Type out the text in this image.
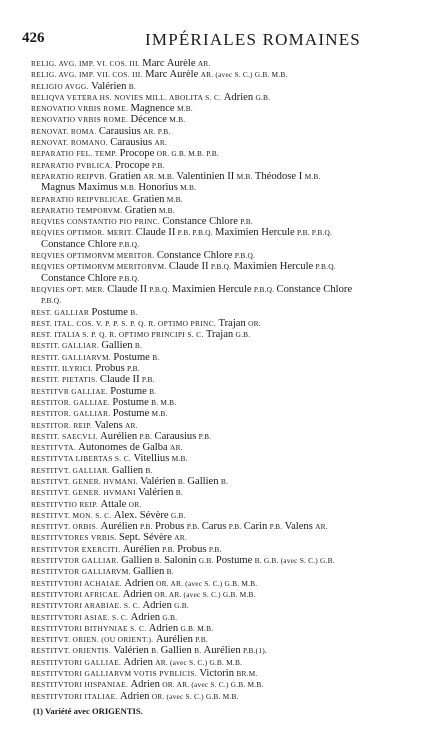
426	IMPÉRIALES ROMAINES
RELIG. AVG. IMP. VI. COS. III. Marc Aurèle AR.
RELIG. AVG. IMP. VII. COS. III. Marc Aurèle AR. (avec S. C.) G.B. M.B.
RELIGIO AVGG. Valérien B.
RELIQVA VETERA HS. NOVIES MILL. ABOLITA S. C. Adrien G.B.
RENOVATIO VRBIS ROME. Magnence M.B.
RENOVATIO VRBIS ROME. Décence M.B.
RENOVAT. ROMA. Carausius AR. P.B.
RENOVAT. ROMANO. Carausius AR.
REPARATIO FEL. TEMP. Procope OR. G.B. M.B. P.B.
REPARATIO PVBLICA. Procope P.B.
REPARATIO REIPVB. Gratien AR. M.B. Valentinien II M.B. Théodose I M.B.
Magnus Maximus M.B. Honorius M.B.
REPARATIO REIPVBLICAE. Gratien M.B.
REPARATIO TEMPORVM. Gratien M.B.
REQVIES CONSTANTIO PIO PRINC. Constance Chlore P.B.
REQVIES OPTIMOR. MERIT. Claude II P.B. P.B.Q. Maximien Hercule P.B. P.B.Q.
Constance Chlore P.B.Q.
REQVIES OPTIMORVM MERITOR. Constance Chlore P.B.Q.
REQVIES OPTIMORVM MERITORVM. Claude II P.B.Q. Maximien Hercule P.B.Q.
Constance Chlore P.B.Q.
REQVIES OPT. MER. Claude II P.B.Q. Maximien Hercule P.B.Q. Constance Chlore
P.B.Q.
REST. GALLIAR Postume B.
REST. ITAL. COS. V. P. P. S. P. Q. R. OPTIMO PRINC. Trajan OR.
REST. ITALIA S. P. Q. R. OPTIMO PRINCIPI S. C. Trajan G.B.
RESTIT. GALLIAR. Gallien B.
RESTIT. GALLIARVM. Postume B.
RESTIT. ILYRICI. Probus P.B.
RESTIT. PIETATIS. Claude II P.B.
RESTITVR GALLIAE. Postume B.
RESTITOR. GALLIAE. Postume B. M.B.
RESTITOR. GALLIAR. Postume M.B.
RESTITOR. REIP. Valens AR.
RESTIT. SAECVLI. Aurélien P.B. Carausius P.B.
RESTITVTA. Autonomes de Galba AR.
RESTITVTA LIBERTAS S. C. Vitellius M.B.
RESTITVT. GALLIAR. Gallien B.
RESTITVT. GENER. HVMANI. Valérien B. Gallien B.
RESTITVT. GENER. HVMANI Valérien B.
RESTITVTIO REIP. Attale OR.
RESTITVT. MON. S. C. Alex. Sévère G.B.
RESTITVT. ORBIS. Aurélien P.B. Probus P.B. Carus P.B. Carin P.B. Valens AR.
RESTITVTORES VRBIS. Sept. Sévère AR.
RESTITVTOR EXERCITI. Aurélien P.B. Probus P.B.
RESTITVTOR GALLIAR. Gallien B. Salonin G.B. Postume B. G.B. (avec S. C.) G.B.
RESTITVTOR GALLIARVM. Gallien B.
RESTITVTORI ACHAIAE. Adrien OR. AR. (avec S. C.) G.B. M.B.
RESTITVTORI AFRICAE. Adrien OR. AR. (avec S. C.) G.B. M.B.
RESTITVTORI ARABIAE. S. C. Adrien G.B.
RESTITVTORI ASIAE. S. C. Adrien G.B.
RESTITVTORI BITHYNIAE S. C. Adrien G.B. M.B.
RESTITVT. ORIEN. (OU ORIENT.). Aurélien P.B.
RESTITVT. ORIENTIS. Valérien B. Gallien B. Aurélien P.B.(1).
RESTITVTORI GALLIAE. Adrien AR. (avec S. C.) G.B. M.B.
RESTITVTORI GALLIARVM VOTIS PVBLICIS. Victorin BR.M.
RESTITVTORI HISPANIAE. Adrien OR. AR. (avec S. C.) G.B. M.B.
RESTITVTORI ITALIAE. Adrien OR. (avec S. C.) G.B. M.B.
(1) Variété avec ORIGENTIS.
